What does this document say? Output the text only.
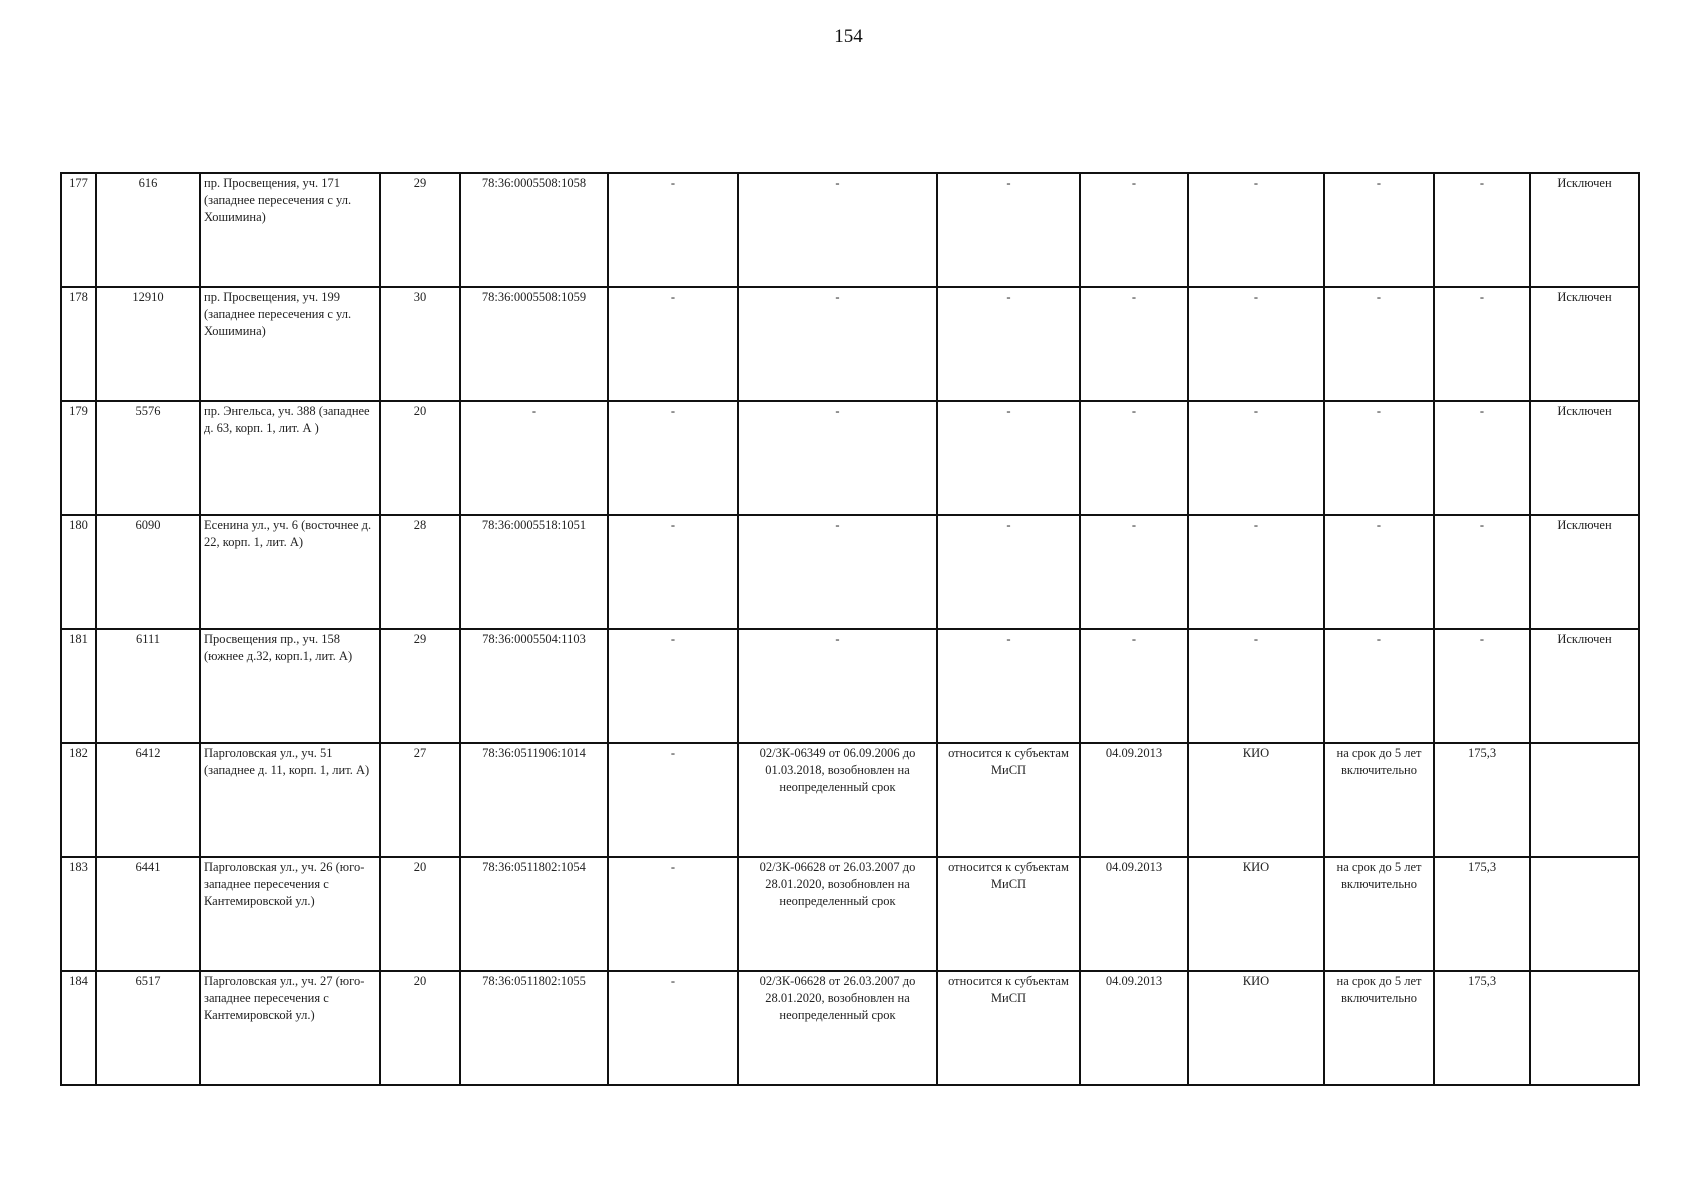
154
177	616	пр. Просвещения, уч. 171 (западнее пересечения с ул. Хошимина)	29	78:36:0005508:1058	-	-	-	-	-	-	-	Исключен
178	12910	пр. Просвещения, уч. 199 (западнее пересечения с ул. Хошимина)	30	78:36:0005508:1059	-	-	-	-	-	-	-	Исключен
179	5576	пр. Энгельса, уч. 388 (западнее д. 63, корп. 1, лит. А )	20	-	-	-	-	-	-	-	-	Исключен
180	6090	Есенина ул., уч. 6 (восточнее д. 22, корп. 1, лит. А)	28	78:36:0005518:1051	-	-	-	-	-	-	-	Исключен
181	6111	Просвещения пр., уч. 158 (южнее д.32, корп.1, лит. А)	29	78:36:0005504:1103	-	-	-	-	-	-	-	Исключен
182	6412	Парголовская ул., уч. 51 (западнее д. 11, корп. 1, лит. А)	27	78:36:0511906:1014	-	02/ЗК-06349 от 06.09.2006 до 01.03.2018, возобновлен на неопределенный срок	относится к субъектам МиСП	04.09.2013	КИО	на срок до 5 лет включительно	175,3	
183	6441	Парголовская ул., уч. 26 (юго-западнее пересечения с Кантемировской ул.)	20	78:36:0511802:1054	-	02/ЗК-06628 от 26.03.2007 до 28.01.2020, возобновлен на неопределенный срок	относится к субъектам МиСП	04.09.2013	КИО	на срок до 5 лет включительно	175,3	
184	6517	Парголовская ул., уч. 27 (юго-западнее пересечения с Кантемировской ул.)	20	78:36:0511802:1055	-	02/ЗК-06628 от 26.03.2007 до 28.01.2020, возобновлен на неопределенный срок	относится к субъектам МиСП	04.09.2013	КИО	на срок до 5 лет включительно	175,3	
